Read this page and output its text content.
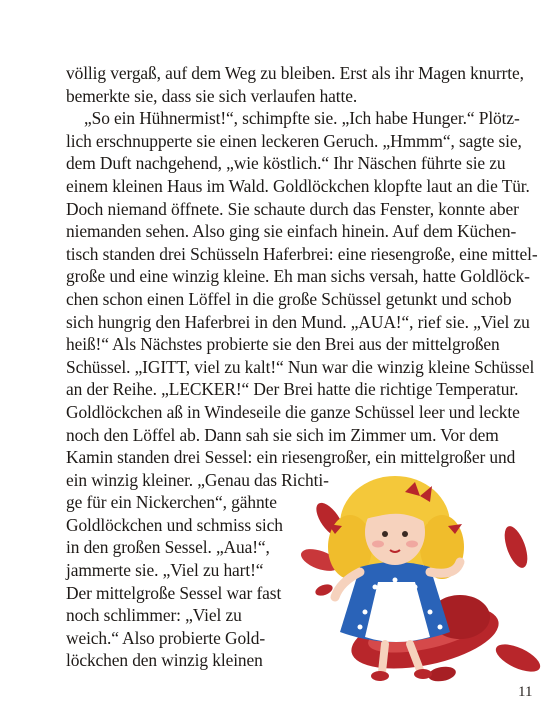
völlig vergaß, auf dem Weg zu bleiben. Erst als ihr Magen knurrte,
bemerkte sie, dass sie sich verlaufen hatte.
„So ein Hühnermist!“, schimpfte sie. „Ich habe Hunger.“ Plötz-
lich erschnupperte sie einen leckeren Geruch. „Hmmm“, sagte sie,
dem Duft nachgehend, „wie köstlich.“ Ihr Näschen führte sie zu
einem kleinen Haus im Wald. Goldlöckchen klopfte laut an die Tür.
Doch niemand öffnete. Sie schaute durch das Fenster, konnte aber
niemanden sehen. Also ging sie einfach hinein. Auf dem Küchen-
tisch standen drei Schüsseln Haferbrei: eine riesengroße, eine mittel-
große und eine winzig kleine. Eh man sichs versah, hatte Goldlöck-
chen schon einen Löffel in die große Schüssel getunkt und schob
sich hungrig den Haferbrei in den Mund. „AUA!“, rief sie. „Viel zu
heiß!“ Als Nächstes probierte sie den Brei aus der mittelgroßen
Schüssel. „IGITT, viel zu kalt!“ Nun war die winzig kleine Schüssel
an der Reihe. „LECKER!“ Der Brei hatte die richtige Temperatur.
Goldlöckchen aß in Windeseile die ganze Schüssel leer und leckte
noch den Löffel ab. Dann sah sie sich im Zimmer um. Vor dem
Kamin standen drei Sessel: ein riesengroßer, ein mittelgroßer und
ein winzig kleiner. „Genau das Richti-
ge für ein Nickerchen“, gähnte
Goldlöckchen und schmiss sich
in den großen Sessel. „Aua!“,
jammerte sie. „Viel zu hart!“
Der mittelgroße Sessel war fast
noch schlimmer: „Viel zu
weich.“ Also probierte Gold-
löckchen den winzig kleinen
11
